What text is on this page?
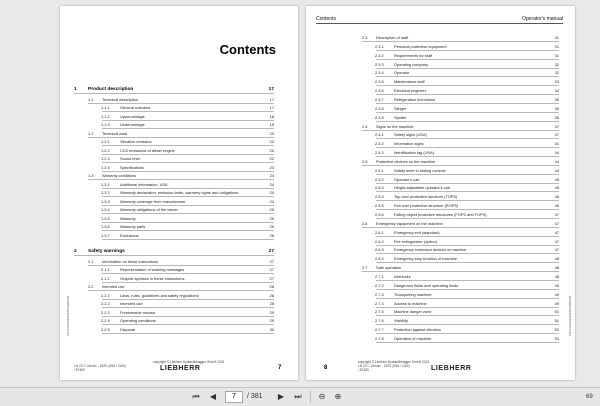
Contents
1 Product description	17
1.1 Technical description	17
1.1.1	General overview	17
1.1.2	Uppercarriage	18
1.1.3	Undercarriage	19
1.2 Technical data	20
1.2.1	Vibration emission	20
1.2.2	CO2 emissions of diesel engine	20
1.2.3	Sound level	22
1.2.4	Specifications	23
1.3 Warranty conditions	24
1.3.1	Additional information, USA	24
1.3.2	Warranty declaration, emission limits, warranty rights and obligations	24
1.3.3	Warranty coverage from manufacturer	24
1.3.4	Warranty obligations of the owner	25
1.3.5	Warranty	25
1.3.6	Warranty parts	25
1.3.7	Exclusions	26
2 Safety warnings	27
2.1 Information on these instructions	27
2.1.1	Representation of warning messages	27
2.1.2	Graphic symbols in these instructions	27
2.2 Intended use	28
2.2.1	Laws, rules, guidelines and safety regulations	28
2.2.2	Intended use	28
2.2.3	Foreseeable misuse	29
2.2.4	Operating conditions	29
2.2.5	Disposal	30
LWT/LH22C/EN/1525/USA/CAN
copyright © Liebherr-Hydraulikbagger GmbH 2015
LH 22 C Litronic - 1525 (USA / CAN)
/ 87483	LIEBHERR	7
Contents	Operator's manual
2.3 Description of staff	31
2.3.1	Personal protective equipment	31
2.3.2	Requirements for staff	31
2.3.3	Operating company	32
2.3.4	Operator	32
2.3.5	Maintenance staff	33
2.3.6	Electrical engineer	34
2.3.7	Refrigeration technician	35
2.3.8	Slinger	35
2.3.9	Spotter	36
2.4 Signs on the machine	37
2.4.1	Safety signs (USA)	37
2.4.2	Information signs	41
2.4.3	Identification tag (USA)	44
2.5 Protective devices on the machine	44
2.5.1	Safety lever in folding console	44
2.5.2	Operator's cab	45
2.5.3	Height-adjustable operator's cab	45
2.5.4	Top over protective structure (TOPS)	46
2.5.5	Roll over protective structure (ROPS)	46
2.5.6	Falling object protective structures (FOPS and FOPS)	47
2.6 Emergency equipment on the machine	47
2.6.1	Emergency exit (standard)	47
2.6.2	Fire extinguisher (option)	47
2.6.3	Emergency command devices of machine	47
2.6.4	Emergency stop function of machine	48
2.7 Safe operation	48
2.7.1	Interlocks	48
2.7.2	Dangerous fluids and operating fluids	49
2.7.3	Transporting machine	49
2.7.4	Access to machine	49
2.7.5	Machine danger zone	51
2.7.6	Visibility	51
2.7.7	Protection against vibration	52
2.7.8	Operation of machine	53
LWT/LH22C/EN/1525/USA/CAN
8
copyright © Liebherr-Hydraulikbagger GmbH 2015
LH 22 C Litronic - 1525 (USA / CAN)
/ 87483	LIEBHERR
⏮	◀	7	/ 381	▶	⏭	⊖	⊕	69
